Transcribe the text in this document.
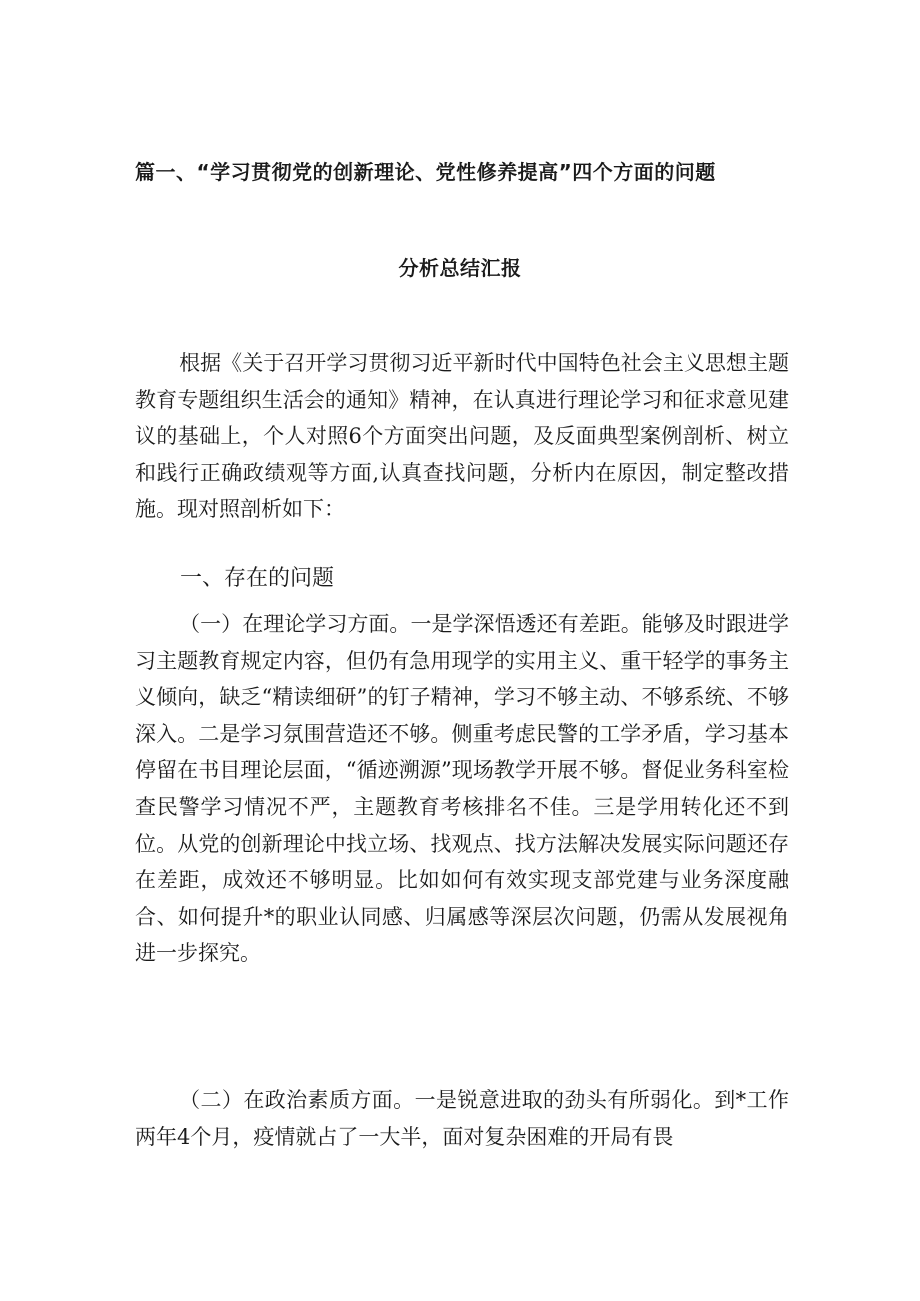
篇一、“学习贯彻党的创新理论、党性修养提高”四个方面的问题
分析总结汇报

根据《关于召开学习贯彻习近平新时代中国特色社会主义思想主题教育专题组织生活会的通知》精神，在认真进行理论学习和征求意见建议的基础上，个人对照6个方面突出问题，及反面典型案例剖析、树立和践行正确政绩观等方面,认真查找问题，分析内在原因，制定整改措施。现对照剖析如下：

一、存在的问题

（一）在理论学习方面。一是学深悟透还有差距。能够及时跟进学习主题教育规定内容，但仍有急用现学的实用主义、重干轻学的事务主义倾向，缺乏“精读细研”的钉子精神，学习不够主动、不够系统、不够深入。二是学习氛围营造还不够。侧重考虑民警的工学矛盾，学习基本停留在书目理论层面，“循迹溯源”现场教学开展不够。督促业务科室检查民警学习情况不严，主题教育考核排名不佳。三是学用转化还不到位。从党的创新理论中找立场、找观点、找方法解决发展实际问题还存在差距，成效还不够明显。比如如何有效实现支部党建与业务深度融合、如何提升*的职业认同感、归属感等深层次问题，仍需从发展视角进一步探究。

（二）在政治素质方面。一是锐意进取的劲头有所弱化。到*工作两年4个月，疫情就占了一大半，面对复杂困难的开局有畏
